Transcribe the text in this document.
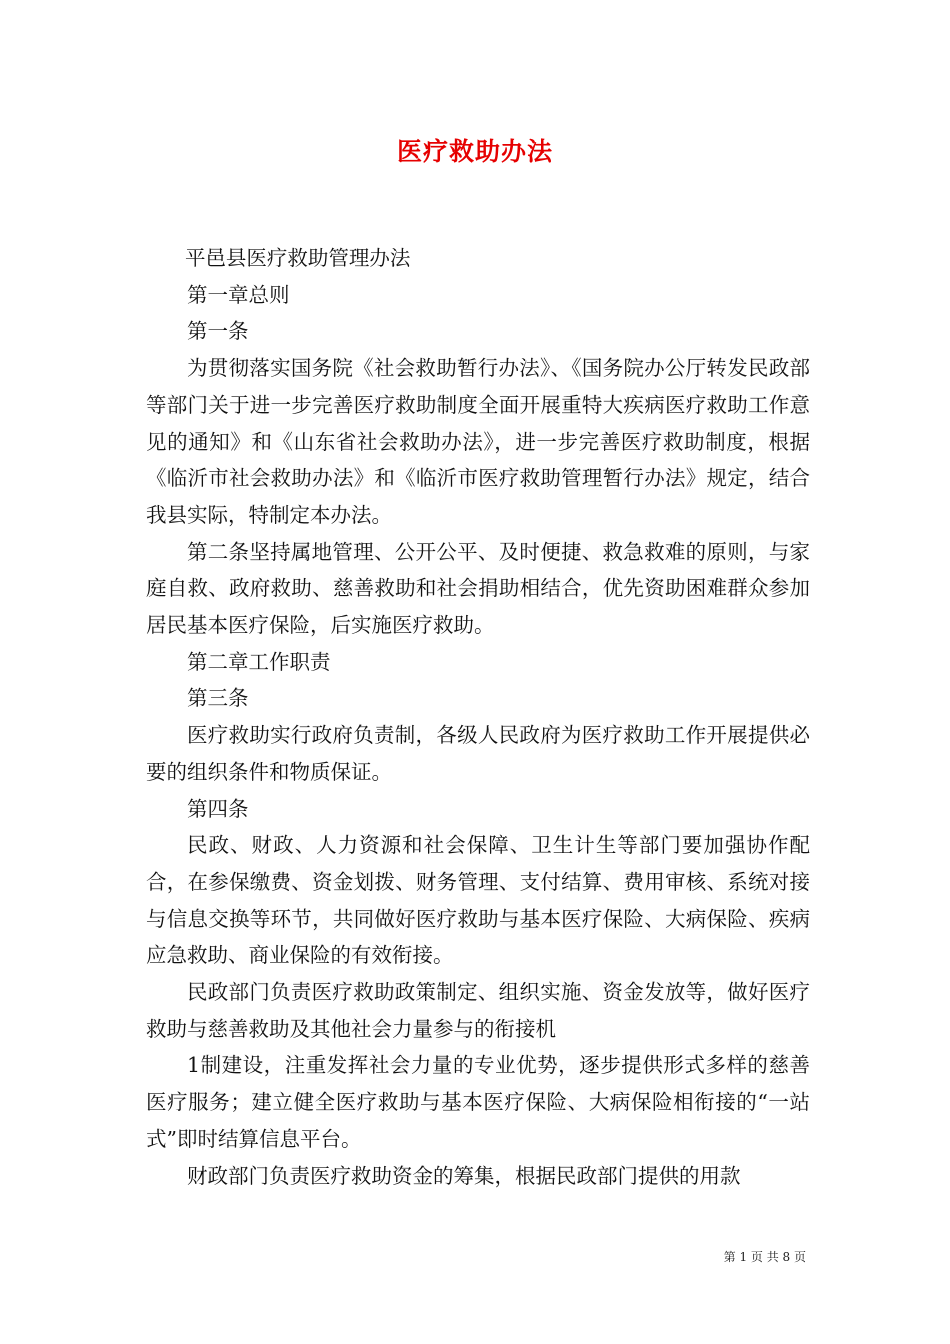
医疗救助办法

平邑县医疗救助管理办法

第一章总则

第一条

为贯彻落实国务院《社会救助暂行办法》、《国务院办公厅转发民政部等部门关于进一步完善医疗救助制度全面开展重特大疾病医疗救助工作意见的通知》和《山东省社会救助办法》，进一步完善医疗救助制度，根据《临沂市社会救助办法》和《临沂市医疗救助管理暂行办法》规定，结合我县实际，特制定本办法。

第二条坚持属地管理、公开公平、及时便捷、救急救难的原则，与家庭自救、政府救助、慈善救助和社会捐助相结合，优先资助困难群众参加居民基本医疗保险，后实施医疗救助。

第二章工作职责

第三条

医疗救助实行政府负责制，各级人民政府为医疗救助工作开展提供必要的组织条件和物质保证。

第四条

民政、财政、人力资源和社会保障、卫生计生等部门要加强协作配合，在参保缴费、资金划拨、财务管理、支付结算、费用审核、系统对接与信息交换等环节，共同做好医疗救助与基本医疗保险、大病保险、疾病应急救助、商业保险的有效衔接。

民政部门负责医疗救助政策制定、组织实施、资金发放等，做好医疗救助与慈善救助及其他社会力量参与的衔接机

1制建设，注重发挥社会力量的专业优势，逐步提供形式多样的慈善医疗服务；建立健全医疗救助与基本医疗保险、大病保险相衔接的“一站式”即时结算信息平台。

财政部门负责医疗救助资金的筹集，根据民政部门提供的用款

第 1 页 共 8 页
